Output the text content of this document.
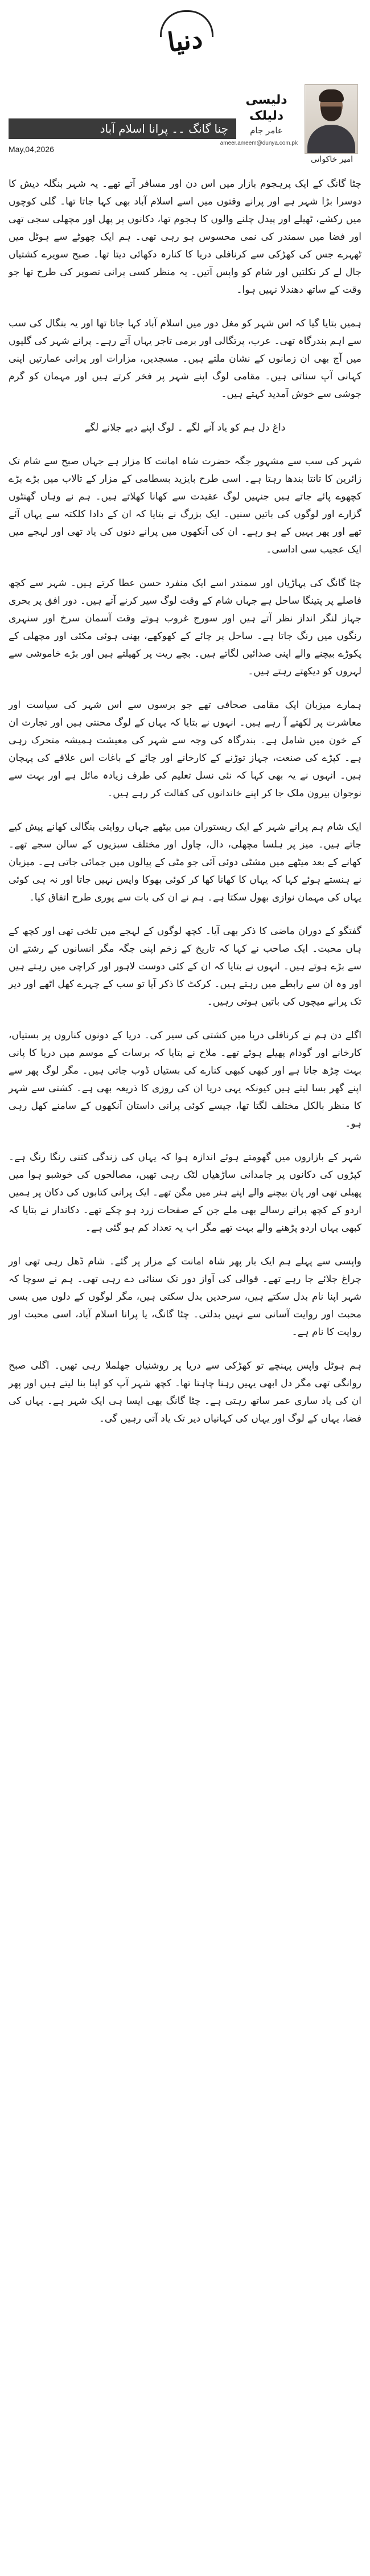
دنیا
امیر خاکوانی
دلیسی
دلیلک
عامر جام
ameer.ameem@dunya.com.pk
چنا گانگ ۔۔ پرانا اسلام آباد
May,04,2026

چٹا گانگ کے ایک پرہجوم بازار میں اس دن اور مسافر آتے تھے۔ یہ شہر بنگلہ دیش کا دوسرا بڑا شہر ہے اور پرانے وقتوں میں اسے اسلام آباد بھی کہا جاتا تھا۔ گلی کوچوں میں رکشے، ٹھیلے اور پیدل چلنے والوں کا ہجوم تھا، دکانوں پر پھل اور مچھلی سجی تھی اور فضا میں سمندر کی نمی محسوس ہو رہی تھی۔ ہم ایک چھوٹے سے ہوٹل میں ٹھہرے جس کی کھڑکی سے کرنافلی دریا کا کنارہ دکھائی دیتا تھا۔ صبح سویرے کشتیاں جال لے کر نکلتیں اور شام کو واپس آتیں۔ یہ منظر کسی پرانی تصویر کی طرح تھا جو وقت کے ساتھ دھندلا نہیں ہوا۔

ہمیں بتایا گیا کہ اس شہر کو مغل دور میں اسلام آباد کہا جاتا تھا اور یہ بنگال کی سب سے اہم بندرگاہ تھی۔ عرب، پرتگالی اور برمی تاجر یہاں آتے رہے۔ پرانے شہر کی گلیوں میں آج بھی ان زمانوں کے نشان ملتے ہیں۔ مسجدیں، مزارات اور پرانی عمارتیں اپنی کہانی آپ سناتی ہیں۔ مقامی لوگ اپنے شہر پر فخر کرتے ہیں اور مہمان کو گرم جوشی سے خوش آمدید کہتے ہیں۔

داغ دل ہم کو یاد آنے لگے ۔ لوگ اپنے دیے جلانے لگے

شہر کی سب سے مشہور جگہ حضرت شاہ امانت کا مزار ہے جہاں صبح سے شام تک زائرین کا تانتا بندھا رہتا ہے۔ اسی طرح بایزید بسطامی کے مزار کے تالاب میں بڑے بڑے کچھوے پائے جاتے ہیں جنہیں لوگ عقیدت سے کھانا کھلاتے ہیں۔ ہم نے وہاں گھنٹوں گزارے اور لوگوں کی باتیں سنیں۔ ایک بزرگ نے بتایا کہ ان کے دادا کلکتہ سے یہاں آئے تھے اور پھر یہیں کے ہو رہے۔ ان کی آنکھوں میں پرانے دنوں کی یاد تھی اور لہجے میں ایک عجیب سی اداسی۔

چٹا گانگ کی پہاڑیاں اور سمندر اسے ایک منفرد حسن عطا کرتے ہیں۔ شہر سے کچھ فاصلے پر پتینگا ساحل ہے جہاں شام کے وقت لوگ سیر کرنے آتے ہیں۔ دور افق پر بحری جہاز لنگر انداز نظر آتے ہیں اور سورج غروب ہوتے وقت آسمان سرخ اور سنہری رنگوں میں رنگ جاتا ہے۔ ساحل پر چائے کے کھوکھے، بھنی ہوئی مکئی اور مچھلی کے پکوڑے بیچنے والے اپنی صدائیں لگاتے ہیں۔ بچے ریت پر کھیلتے ہیں اور بڑے خاموشی سے لہروں کو دیکھتے رہتے ہیں۔

ہمارے میزبان ایک مقامی صحافی تھے جو برسوں سے اس شہر کی سیاست اور معاشرت پر لکھتے آ رہے ہیں۔ انہوں نے بتایا کہ یہاں کے لوگ محنتی ہیں اور تجارت ان کے خون میں شامل ہے۔ بندرگاہ کی وجہ سے شہر کی معیشت ہمیشہ متحرک رہی ہے۔ کپڑے کی صنعت، جہاز توڑنے کے کارخانے اور چائے کے باغات اس علاقے کی پہچان ہیں۔ انہوں نے یہ بھی کہا کہ نئی نسل تعلیم کی طرف زیادہ مائل ہے اور بہت سے نوجوان بیرون ملک جا کر اپنے خاندانوں کی کفالت کر رہے ہیں۔

ایک شام ہم پرانے شہر کے ایک ریستوران میں بیٹھے جہاں روایتی بنگالی کھانے پیش کیے جاتے ہیں۔ میز پر ہلسا مچھلی، دال، چاول اور مختلف سبزیوں کے سالن سجے تھے۔ کھانے کے بعد میٹھے میں مشٹی دوئی آئی جو مٹی کے پیالوں میں جمائی جاتی ہے۔ میزبان نے ہنستے ہوئے کہا کہ یہاں کا کھانا کھا کر کوئی بھوکا واپس نہیں جاتا اور نہ ہی کوئی یہاں کی مہمان نوازی بھول سکتا ہے۔ ہم نے ان کی بات سے پوری طرح اتفاق کیا۔

گفتگو کے دوران ماضی کا ذکر بھی آیا۔ کچھ لوگوں کے لہجے میں تلخی تھی اور کچھ کے ہاں محبت۔ ایک صاحب نے کہا کہ تاریخ کے زخم اپنی جگہ مگر انسانوں کے رشتے ان سے بڑے ہوتے ہیں۔ انہوں نے بتایا کہ ان کے کئی دوست لاہور اور کراچی میں رہتے ہیں اور وہ ان سے رابطے میں رہتے ہیں۔ کرکٹ کا ذکر آیا تو سب کے چہرے کھل اٹھے اور دیر تک پرانے میچوں کی باتیں ہوتی رہیں۔

اگلے دن ہم نے کرنافلی دریا میں کشتی کی سیر کی۔ دریا کے دونوں کناروں پر بستیاں، کارخانے اور گودام پھیلے ہوئے تھے۔ ملاح نے بتایا کہ برسات کے موسم میں دریا کا پانی بہت چڑھ جاتا ہے اور کبھی کبھی کنارے کی بستیاں ڈوب جاتی ہیں۔ مگر لوگ پھر سے اپنے گھر بسا لیتے ہیں کیونکہ یہی دریا ان کی روزی کا ذریعہ بھی ہے۔ کشتی سے شہر کا منظر بالکل مختلف لگتا تھا، جیسے کوئی پرانی داستان آنکھوں کے سامنے کھل رہی ہو۔

شہر کے بازاروں میں گھومتے ہوئے اندازہ ہوا کہ یہاں کی زندگی کتنی رنگا رنگ ہے۔ کپڑوں کی دکانوں پر جامدانی ساڑھیاں لٹک رہی تھیں، مصالحوں کی خوشبو ہوا میں پھیلی تھی اور پان بیچنے والے اپنے ہنر میں مگن تھے۔ ایک پرانی کتابوں کی دکان پر ہمیں اردو کے کچھ پرانے رسالے بھی ملے جن کے صفحات زرد ہو چکے تھے۔ دکاندار نے بتایا کہ کبھی یہاں اردو پڑھنے والے بہت تھے مگر اب یہ تعداد کم ہو گئی ہے۔

واپسی سے پہلے ہم ایک بار پھر شاہ امانت کے مزار پر گئے۔ شام ڈھل رہی تھی اور چراغ جلائے جا رہے تھے۔ قوالی کی آواز دور تک سنائی دے رہی تھی۔ ہم نے سوچا کہ شہر اپنا نام بدل سکتے ہیں، سرحدیں بدل سکتی ہیں، مگر لوگوں کے دلوں میں بسی محبت اور روایت آسانی سے نہیں بدلتی۔ چٹا گانگ، یا پرانا اسلام آباد، اسی محبت اور روایت کا نام ہے۔

ہم ہوٹل واپس پہنچے تو کھڑکی سے دریا پر روشنیاں جھلملا رہی تھیں۔ اگلی صبح روانگی تھی مگر دل ابھی یہیں رہنا چاہتا تھا۔ کچھ شہر آپ کو اپنا بنا لیتے ہیں اور پھر ان کی یاد ساری عمر ساتھ رہتی ہے۔ چٹا گانگ بھی ایسا ہی ایک شہر ہے۔ یہاں کی فضا، یہاں کے لوگ اور یہاں کی کہانیاں دیر تک یاد آتی رہیں گی۔
